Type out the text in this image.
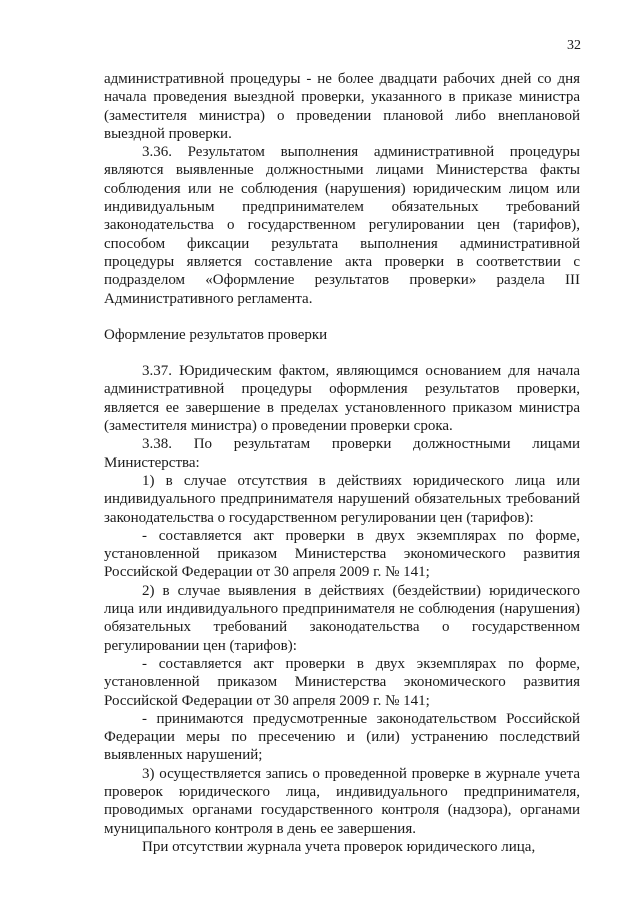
32

административной процедуры - не более двадцати рабочих дней со дня начала проведения выездной проверки, указанного в приказе министра (заместителя министра) о проведении плановой либо внеплановой выездной проверки.

3.36. Результатом выполнения административной процедуры являются выявленные должностными лицами Министерства факты соблюдения или не соблюдения (нарушения) юридическим лицом или индивидуальным предпринимателем обязательных требований законодательства о государственном регулировании цен (тарифов), способом фиксации результата выполнения административной процедуры является составление акта проверки в соответствии с подразделом «Оформление результатов проверки» раздела III Административного регламента.

Оформление результатов проверки

3.37. Юридическим фактом, являющимся основанием для начала административной процедуры оформления результатов проверки, является ее завершение в пределах установленного приказом министра (заместителя министра) о проведении проверки срока.

3.38. По результатам проверки должностными лицами Министерства:

1) в случае отсутствия в действиях юридического лица или индивидуального предпринимателя нарушений обязательных требований законодательства о государственном регулировании цен (тарифов):

- составляется акт проверки в двух экземплярах по форме, установленной приказом Министерства экономического развития Российской Федерации от 30 апреля 2009 г. № 141;

2) в случае выявления в действиях (бездействии) юридического лица или индивидуального предпринимателя не соблюдения (нарушения) обязательных требований законодательства о государственном регулировании цен (тарифов):

- составляется акт проверки в двух экземплярах по форме, установленной приказом Министерства экономического развития Российской Федерации от 30 апреля 2009 г. № 141;

- принимаются предусмотренные законодательством Российской Федерации меры по пресечению и (или) устранению последствий выявленных нарушений;

3) осуществляется запись о проведенной проверке в журнале учета проверок юридического лица, индивидуального предпринимателя, проводимых органами государственного контроля (надзора), органами муниципального контроля в день ее завершения.

При отсутствии журнала учета проверок юридического лица,
